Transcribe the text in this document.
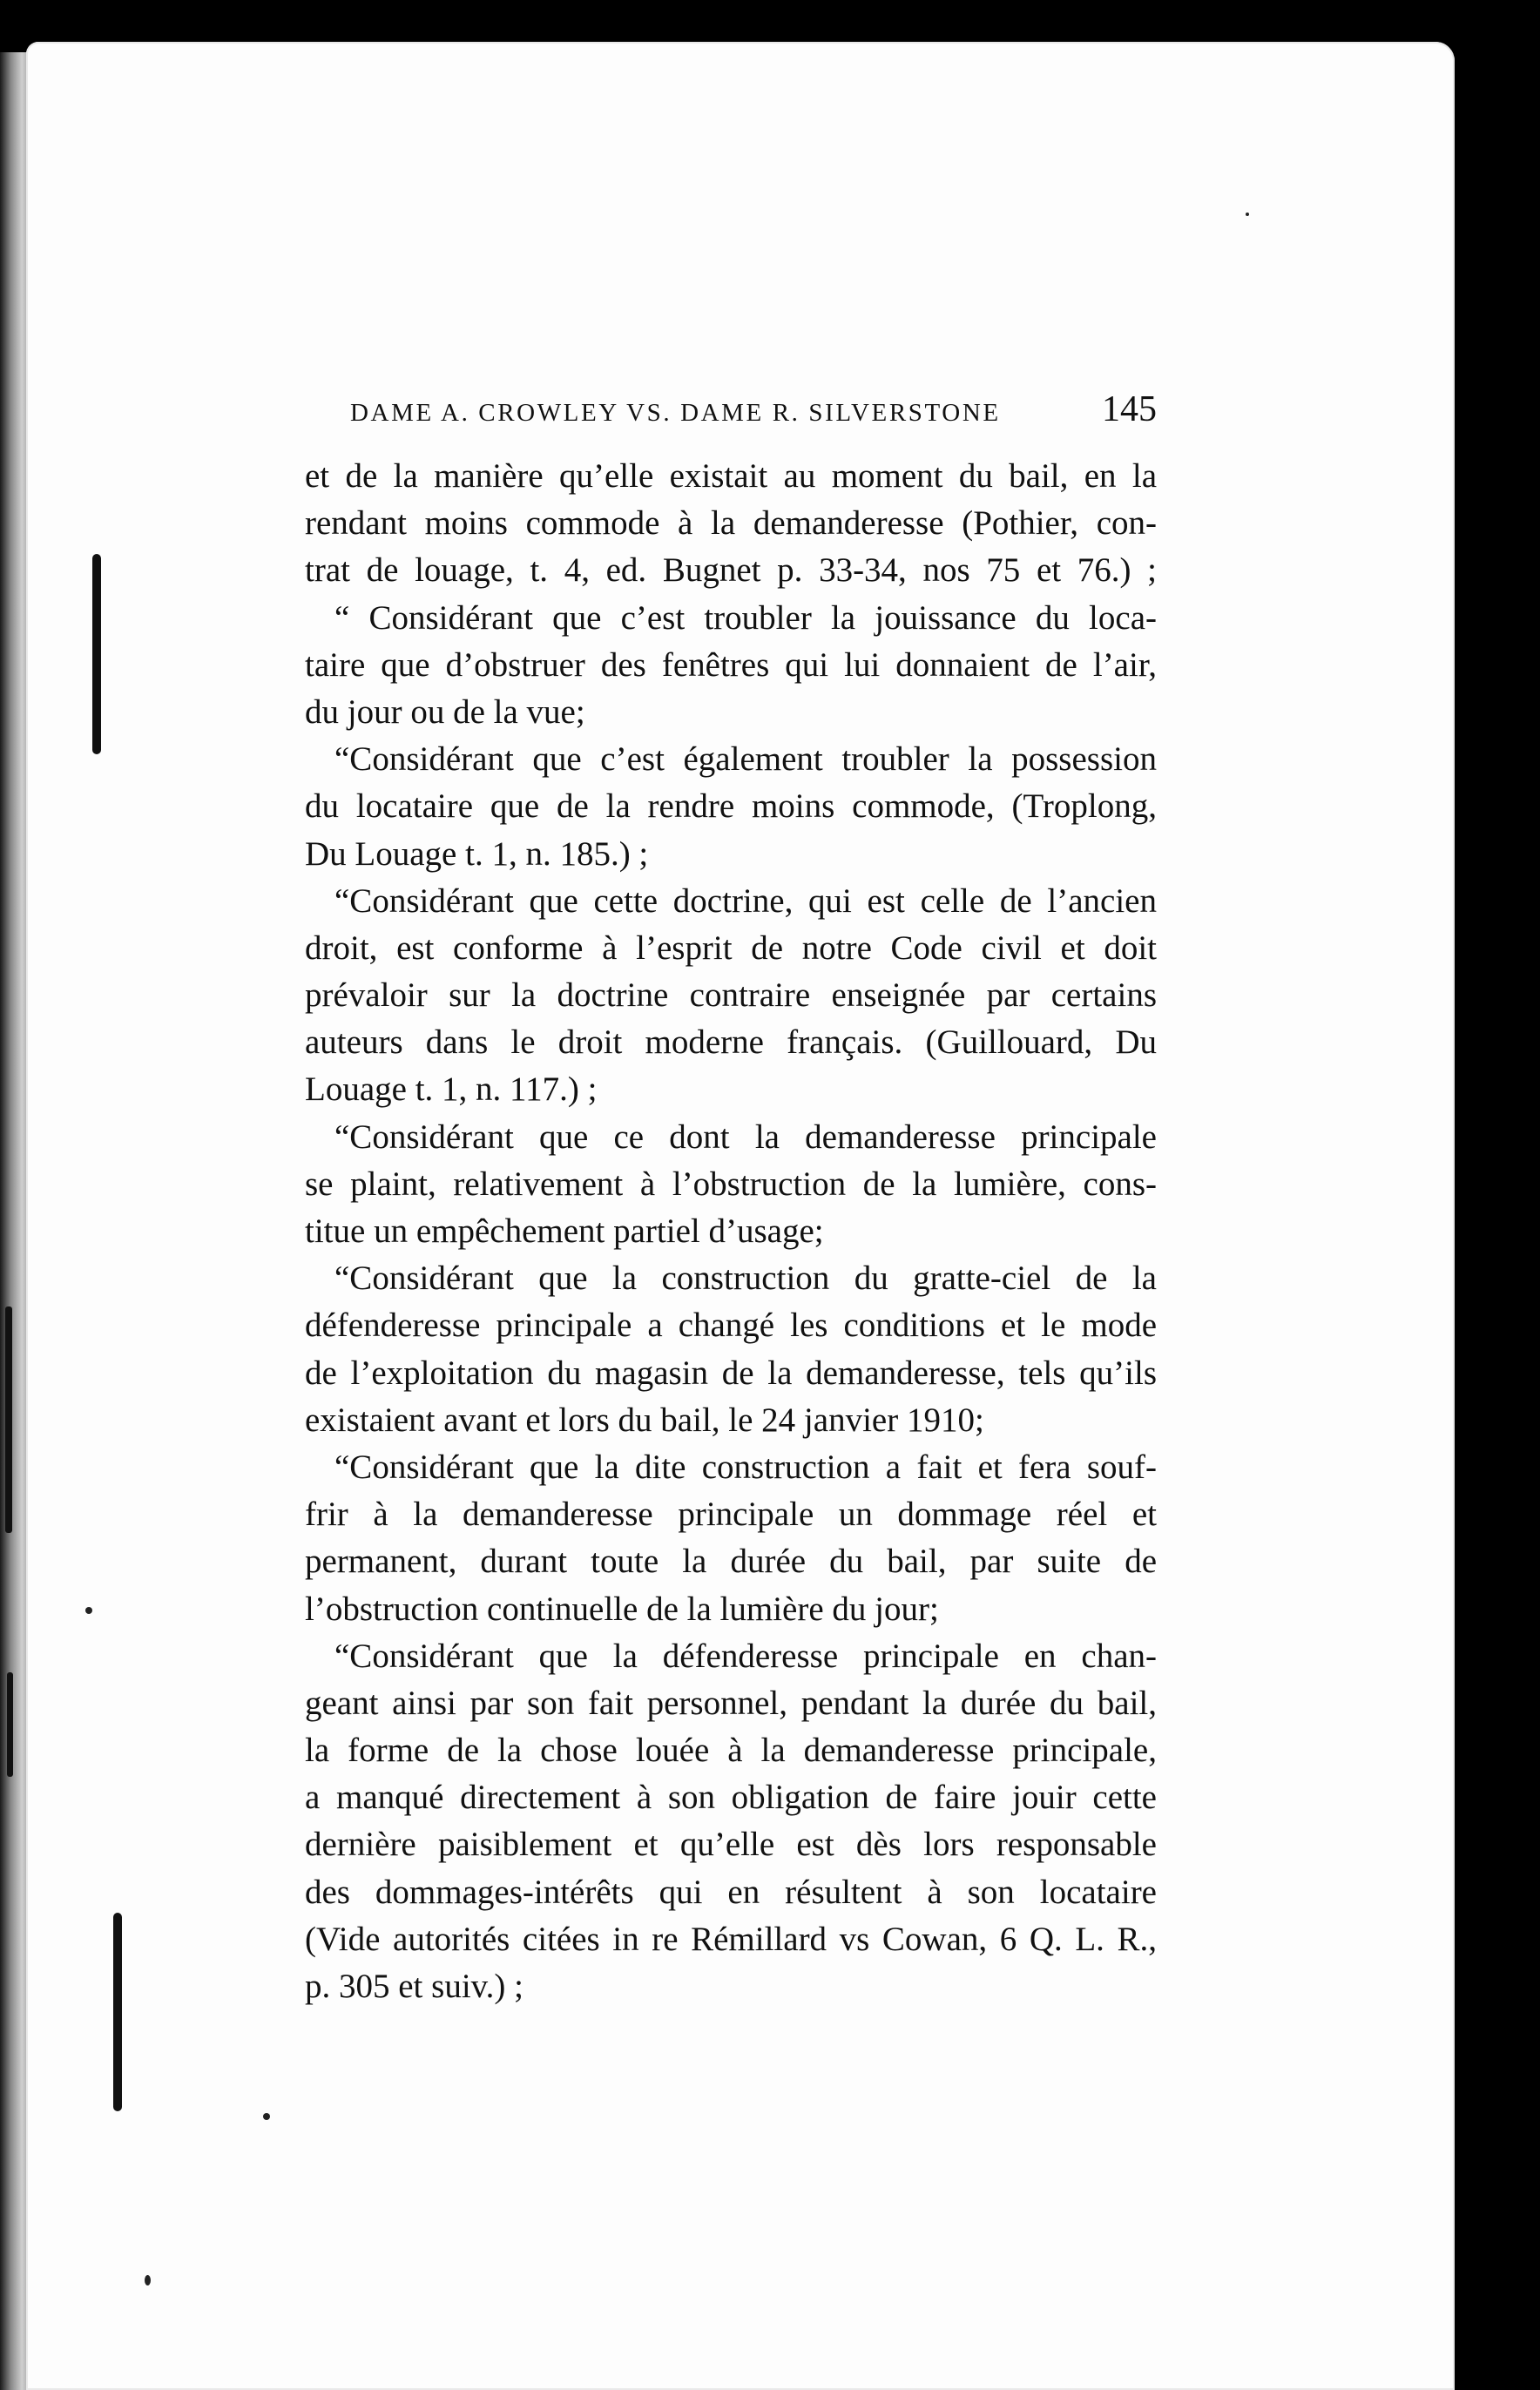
DAME A. CROWLEY VS. DAME R. SILVERSTONE	145
et de la manière qu’elle existait au moment du bail, en la
rendant moins commode à la demanderesse (Pothier, con-
trat de louage, t. 4, ed. Bugnet p. 33-34, nos 75 et 76.) ;
“ Considérant que c’est troubler la jouissance du loca-
taire que d’obstruer des fenêtres qui lui donnaient de l’air,
du jour ou de la vue;
“Considérant que c’est également troubler la possession
du locataire que de la rendre moins commode, (Troplong,
Du Louage t. 1, n. 185.) ;
“Considérant que cette doctrine, qui est celle de l’ancien
droit, est conforme à l’esprit de notre Code civil et doit
prévaloir sur la doctrine contraire enseignée par certains
auteurs dans le droit moderne français. (Guillouard, Du
Louage t. 1, n. 117.) ;
“Considérant que ce dont la demanderesse principale
se plaint, relativement à l’obstruction de la lumière, cons-
titue un empêchement partiel d’usage;
“Considérant que la construction du gratte-ciel de la
défenderesse principale a changé les conditions et le mode
de l’exploitation du magasin de la demanderesse, tels qu’ils
existaient avant et lors du bail, le 24 janvier 1910;
“Considérant que la dite construction a fait et fera souf-
frir à la demanderesse principale un dommage réel et
permanent, durant toute la durée du bail, par suite de
l’obstruction continuelle de la lumière du jour;
“Considérant que la défenderesse principale en chan-
geant ainsi par son fait personnel, pendant la durée du bail,
la forme de la chose louée à la demanderesse principale,
a manqué directement à son obligation de faire jouir cette
dernière paisiblement et qu’elle est dès lors responsable
des dommages-intérêts qui en résultent à son locataire
(Vide autorités citées in re Rémillard vs Cowan, 6 Q. L. R.,
p. 305 et suiv.) ;
